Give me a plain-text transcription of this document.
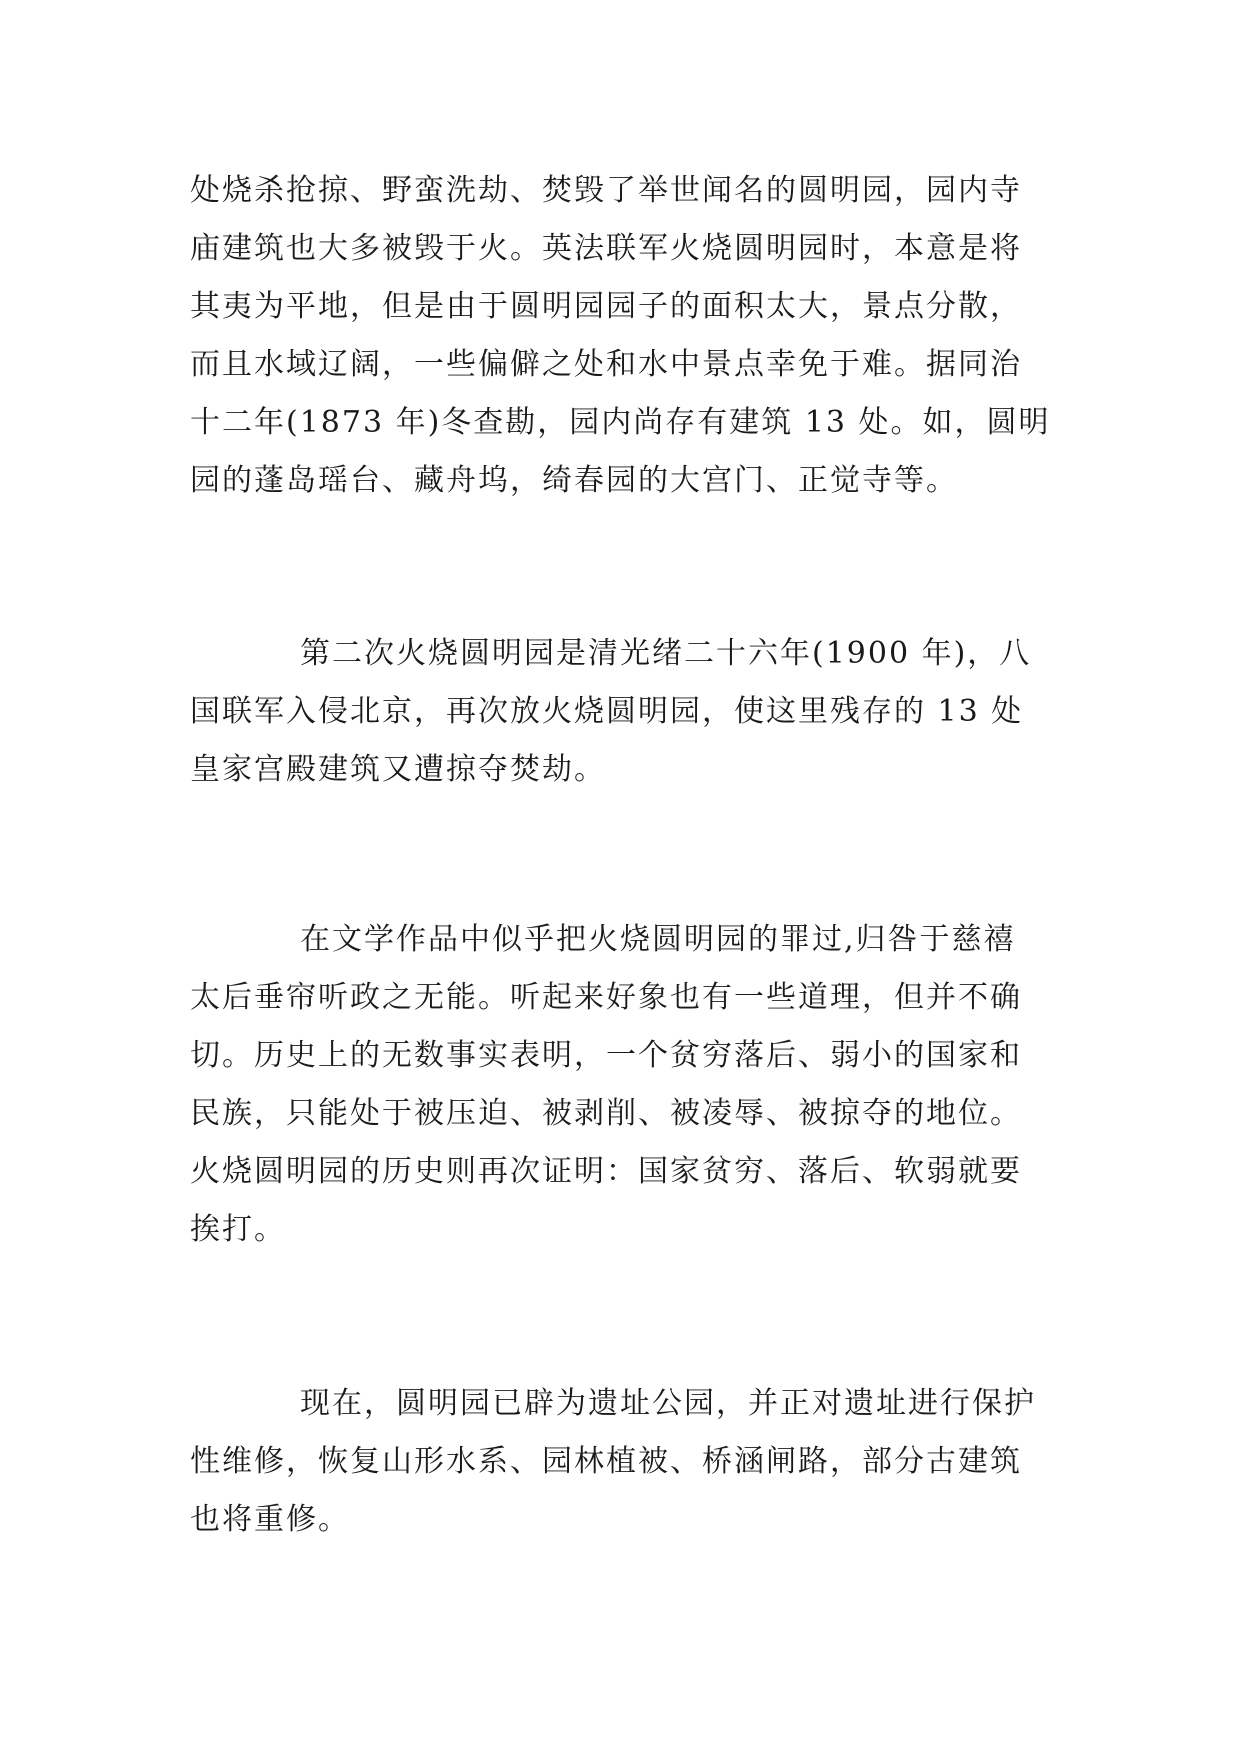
处烧杀抢掠、野蛮洗劫、焚毁了举世闻名的圆明园，园内寺
庙建筑也大多被毁于火。英法联军火烧圆明园时，本意是将
其夷为平地，但是由于圆明园园子的面积太大，景点分散，
而且水域辽阔，一些偏僻之处和水中景点幸免于难。据同治
十二年(1873 年)冬查勘，园内尚存有建筑 13 处。如，圆明
园的蓬岛瑶台、藏舟坞，绮春园的大宫门、正觉寺等。
第二次火烧圆明园是清光绪二十六年(1900 年)，八
国联军入侵北京，再次放火烧圆明园，使这里残存的 13 处
皇家宫殿建筑又遭掠夺焚劫。
在文学作品中似乎把火烧圆明园的罪过,归咎于慈禧
太后垂帘听政之无能。听起来好象也有一些道理，但并不确
切。历史上的无数事实表明，一个贫穷落后、弱小的国家和
民族，只能处于被压迫、被剥削、被凌辱、被掠夺的地位。
火烧圆明园的历史则再次证明：国家贫穷、落后、软弱就要
挨打。
现在，圆明园已辟为遗址公园，并正对遗址进行保护
性维修，恢复山形水系、园林植被、桥涵闸路，部分古建筑
也将重修。
